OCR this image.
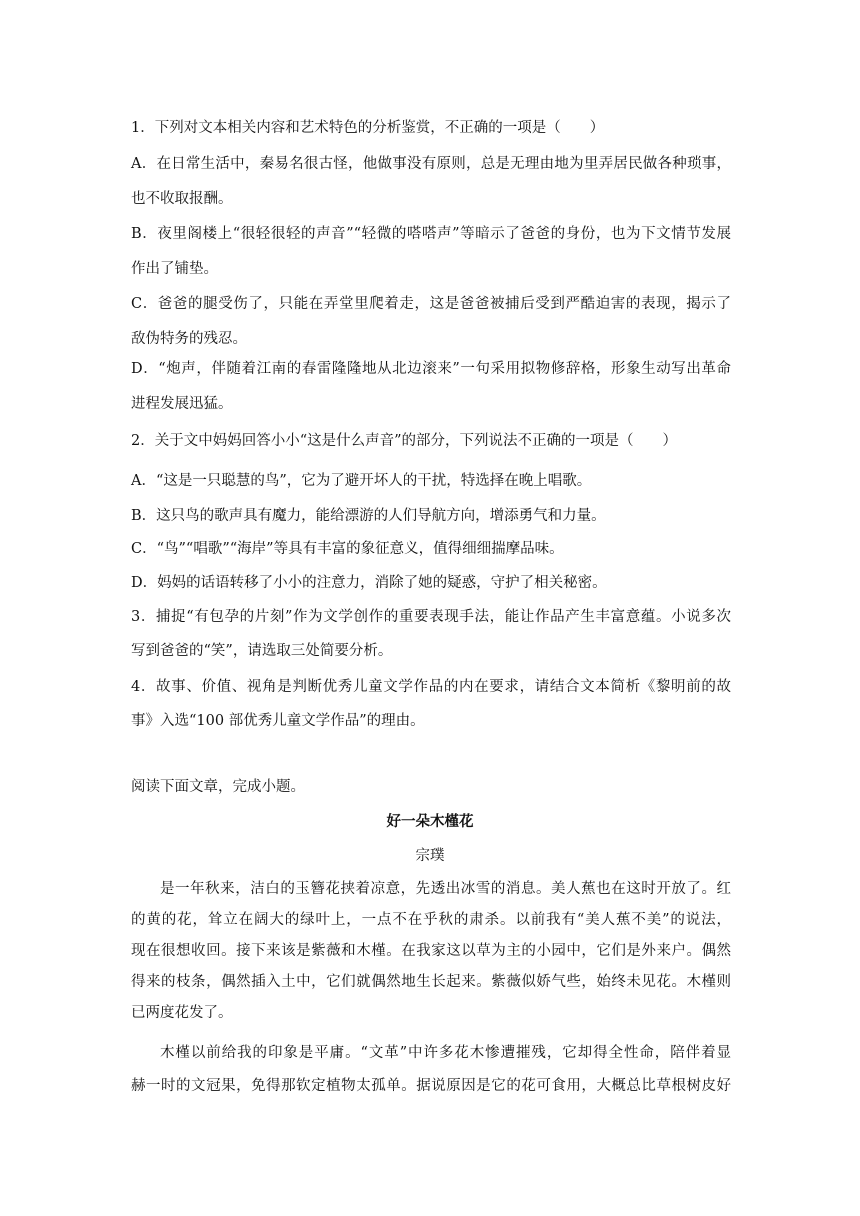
1．下列对文本相关内容和艺术特色的分析鉴赏，不正确的一项是（　　）
A．在日常生活中，秦易名很古怪，他做事没有原则，总是无理由地为里弄居民做各种琐事，
也不收取报酬。
B．夜里阁楼上“很轻很轻的声音”“轻微的嗒嗒声”等暗示了爸爸的身份，也为下文情节发展
作出了铺垫。
C．爸爸的腿受伤了，只能在弄堂里爬着走，这是爸爸被捕后受到严酷迫害的表现，揭示了
敌伪特务的残忍。
D．“炮声，伴随着江南的春雷隆隆地从北边滚来”一句采用拟物修辞格，形象生动写出革命
进程发展迅猛。
2．关于文中妈妈回答小小“这是什么声音”的部分，下列说法不正确的一项是（　　）
A．“这是一只聪慧的鸟”，它为了避开坏人的干扰，特选择在晚上唱歌。
B．这只鸟的歌声具有魔力，能给漂游的人们导航方向，增添勇气和力量。
C．“鸟”“唱歌”“海岸”等具有丰富的象征意义，值得细细揣摩品味。
D．妈妈的话语转移了小小的注意力，消除了她的疑惑，守护了相关秘密。
3．捕捉“有包孕的片刻”作为文学创作的重要表现手法，能让作品产生丰富意蕴。小说多次
写到爸爸的“笑”，请选取三处简要分析。
4．故事、价值、视角是判断优秀儿童文学作品的内在要求，请结合文本简析《黎明前的故
事》入选“100 部优秀儿童文学作品”的理由。
阅读下面文章，完成小题。
好一朵木槿花
宗璞
是一年秋来，洁白的玉簪花挟着凉意，先透出冰雪的消息。美人蕉也在这时开放了。红
的黄的花，耸立在阔大的绿叶上，一点不在乎秋的肃杀。以前我有“美人蕉不美”的说法，
现在很想收回。接下来该是紫薇和木槿。在我家这以草为主的小园中，它们是外来户。偶然
得来的枝条，偶然插入土中，它们就偶然地生长起来。紫薇似娇气些，始终未见花。木槿则
已两度花发了。
木槿以前给我的印象是平庸。“文革”中许多花木惨遭摧残，它却得全性命，陪伴着显
赫一时的文冠果，免得那钦定植物太孤单。据说原因是它的花可食用，大概总比草根树皮好
